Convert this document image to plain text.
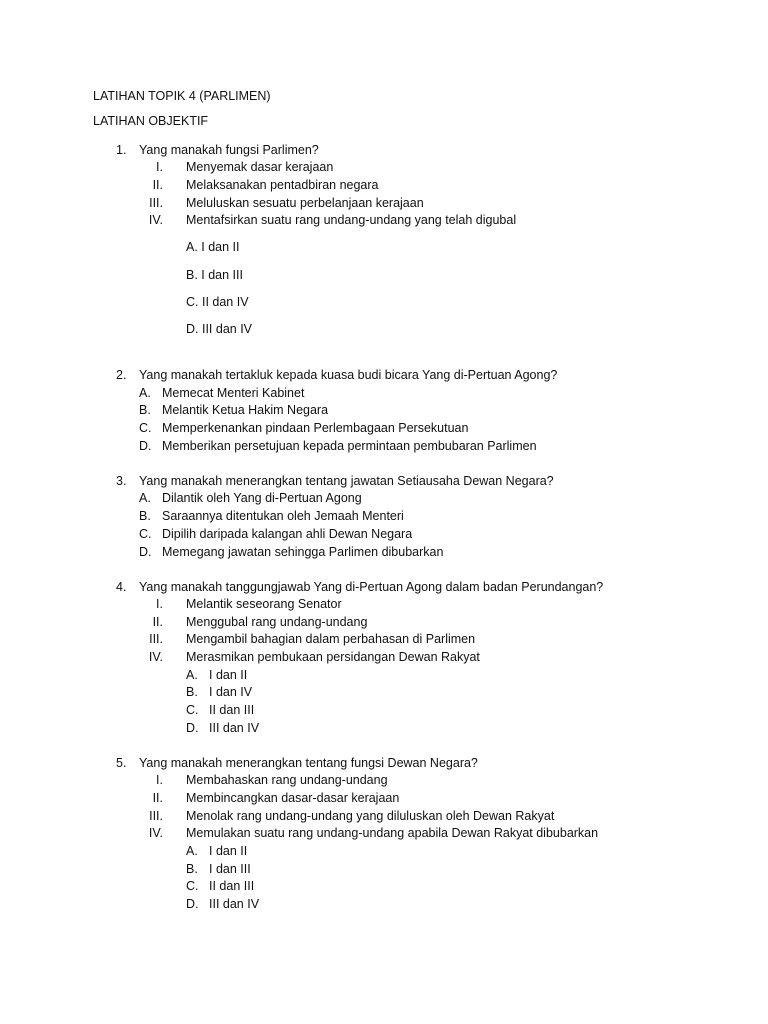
LATIHAN TOPIK 4 (PARLIMEN)
LATIHAN OBJEKTIF
1. Yang manakah fungsi Parlimen?
I. Menyemak dasar kerajaan
II. Melaksanakan pentadbiran negara
III. Meluluskan sesuatu perbelanjaan kerajaan
IV. Mentafsirkan suatu rang undang-undang yang telah digubal
A. I dan II
B. I dan III
C. II dan IV
D. III dan IV
2. Yang manakah tertakluk kepada kuasa budi bicara Yang di-Pertuan Agong?
A. Memecat Menteri Kabinet
B. Melantik Ketua Hakim Negara
C. Memperkenankan pindaan Perlembagaan Persekutuan
D. Memberikan persetujuan kepada permintaan pembubaran Parlimen
3. Yang manakah menerangkan tentang jawatan Setiausaha Dewan Negara?
A. Dilantik oleh Yang di-Pertuan Agong
B. Saraannya ditentukan oleh Jemaah Menteri
C. Dipilih daripada kalangan ahli Dewan Negara
D. Memegang jawatan sehingga Parlimen dibubarkan
4. Yang manakah tanggungjawab Yang di-Pertuan Agong dalam badan Perundangan?
I. Melantik seseorang Senator
II. Menggubal rang undang-undang
III. Mengambil bahagian dalam perbahasan di Parlimen
IV. Merasmikan pembukaan persidangan Dewan Rakyat
A. I dan II
B. I dan IV
C. II dan III
D. III dan IV
5. Yang manakah menerangkan tentang fungsi Dewan Negara?
I. Membahaskan rang undang-undang
II. Membincangkan dasar-dasar kerajaan
III. Menolak rang undang-undang yang diluluskan oleh Dewan Rakyat
IV. Memulakan suatu rang undang-undang apabila Dewan Rakyat dibubarkan
A. I dan II
B. I dan III
C. II dan III
D. III dan IV
